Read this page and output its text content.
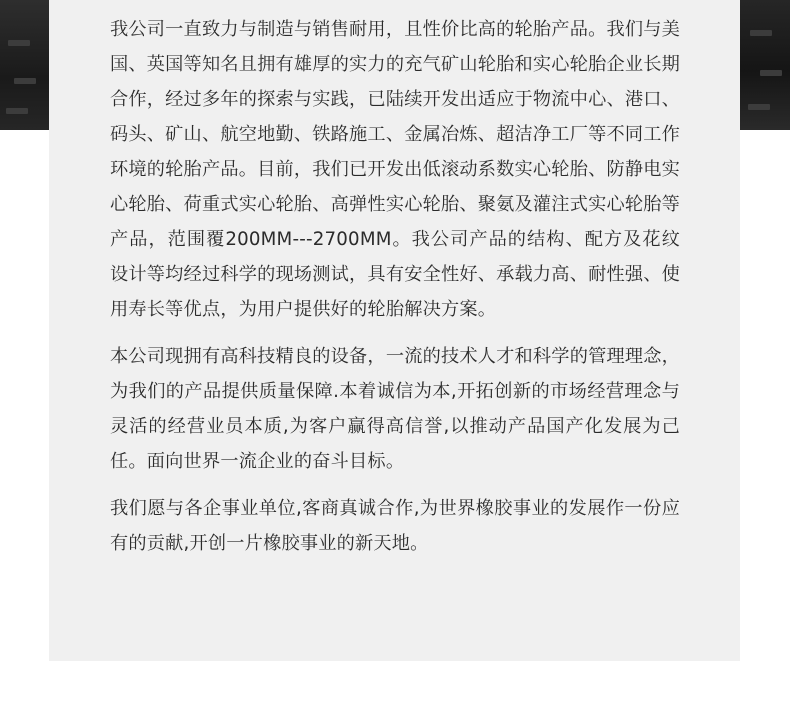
我公司一直致力与制造与销售耐用，且性价比高的轮胎产品。我们与美国、英国等知名且拥有雄厚的实力的充气矿山轮胎和实心轮胎企业长期合作，经过多年的探索与实践，已陆续开发出适应于物流中心、港口、码头、矿山、航空地勤、铁路施工、金属冶炼、超洁净工厂等不同工作环境的轮胎产品。目前，我们已开发出低滚动系数实心轮胎、防静电实心轮胎、荷重式实心轮胎、高弹性实心轮胎、聚氨及灌注式实心轮胎等产品，范围覆200MM---2700MM。我公司产品的结构、配方及花纹设计等均经过科学的现场测试，具有安全性好、承载力高、耐性强、使用寿长等优点，为用户提供好的轮胎解决方案。

本公司现拥有高科技精良的设备，一流的技术人才和科学的管理理念，为我们的产品提供质量保障.本着诚信为本,开拓创新的市场经营理念与灵活的经营业员本质,为客户赢得高信誉,以推动产品国产化发展为己任。面向世界一流企业的奋斗目标。

我们愿与各企事业单位,客商真诚合作,为世界橡胶事业的发展作一份应有的贡献,开创一片橡胶事业的新天地。
